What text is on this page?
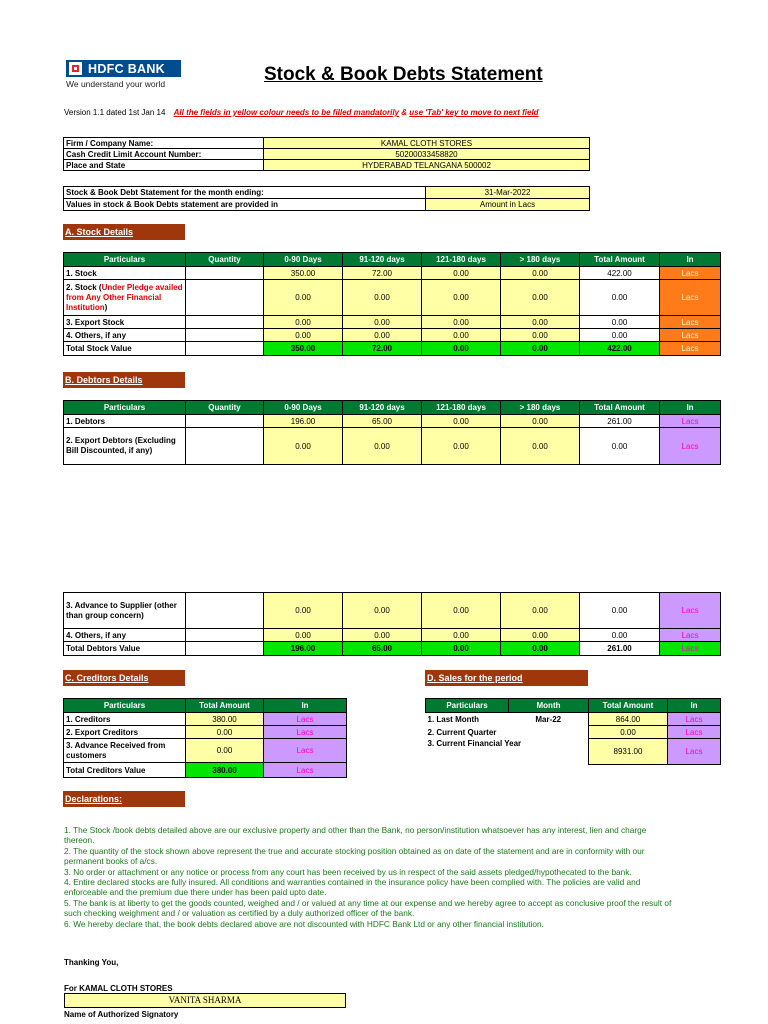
HDFC BANK
We understand your world	Stock & Book Debts Statement
Version 1.1 dated 1st Jan 14 All the fields in yellow colour needs to be filled mandatorily & use 'Tab' key to move to next field
Firm / Company Name:	KAMAL CLOTH STORES
Cash Credit Limit Account Number:	50200033458820
Place and State	HYDERABAD TELANGANA 500002
Stock & Book Debt Statement for the month ending:	31-Mar-2022
Values in stock & Book Debts statement are provided in	Amount in Lacs
A. Stock Details
Particulars	Quantity	0-90 Days	91-120 days	121-180 days	> 180 days	Total Amount	In
1. Stock		350.00	72.00	0.00	0.00	422.00	Lacs
2. Stock (Under Pledge availed from Any Other Financial Institution)		0.00	0.00	0.00	0.00	0.00	Lacs
3. Export Stock		0.00	0.00	0.00	0.00	0.00	Lacs
4. Others, if any		0.00	0.00	0.00	0.00	0.00	Lacs
Total Stock Value		350.00	72.00	0.00	0.00	422.00	Lacs
B. Debtors Details
Particulars	Quantity	0-90 Days	91-120 days	121-180 days	> 180 days	Total Amount	In
1. Debtors		196.00	65.00	0.00	0.00	261.00	Lacs
2. Export Debtors (Excluding Bill Discounted, if any)		0.00	0.00	0.00	0.00	0.00	Lacs
3. Advance to Supplier (other than group concern)		0.00	0.00	0.00	0.00	0.00	Lacs
4. Others, if any		0.00	0.00	0.00	0.00	0.00	Lacs
Total Debtors Value		196.00	65.00	0.00	0.00	261.00	Lacs
C. Creditors Details
Particulars	Total Amount	In
1. Creditors	380.00	Lacs
2. Export Creditors	0.00	Lacs
3. Advance Received from customers	0.00	Lacs
Total Creditors Value	380.00	Lacs
D. Sales for the period
Particulars	Month	Total Amount	In
1. Last Month	Mar-22	864.00	Lacs
2. Current Quarter		0.00	Lacs
3. Current Financial Year		8931.00	Lacs
Declarations:
1. The Stock /book debts detailed above are our exclusive property and other than the Bank, no person/institution whatsoever has any interest, lien and charge thereon.
2. The quantity of the stock shown above represent the true and accurate stocking position obtained as on date of the statement and are in conformity with our permanent books of a/cs.
3. No order or attachment or any notice or process from any court has been received by us in respect of the said assets pledged/hypothecated to the bank.
4. Entire declared stocks are fully insured. All conditions and warranties contained in the insurance policy have been complied with. The policies are valid and enforceable and the premium due there under has been paid upto date.
5. The bank is at liberty to get the goods counted, weighed and / or valued at any time at our expense and we hereby agree to accept as conclusive proof the result of such checking weighment and / or valuation as certified by a duly authorized officer of the bank.
6. We hereby declare that, the book debts declared above are not discounted with HDFC Bank Ltd or any other financial institution.
Thanking You,
For KAMAL CLOTH STORES
VANITA SHARMA
Name of Authorized Signatory
